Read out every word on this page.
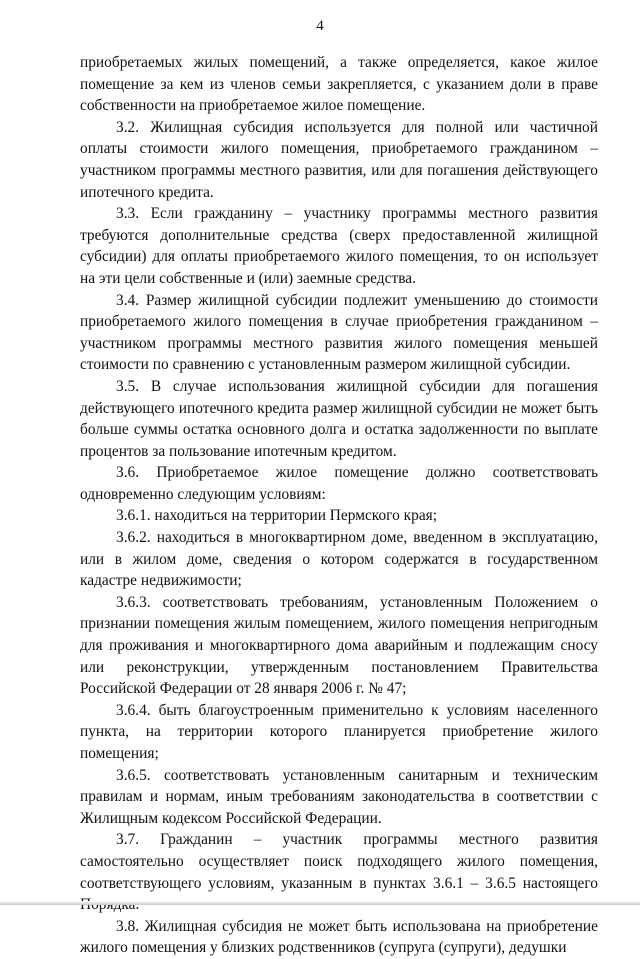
4

приобретаемых жилых помещений, а также определяется, какое жилое помещение за кем из членов семьи закрепляется, с указанием доли в праве собственности на приобретаемое жилое помещение.

3.2. Жилищная субсидия используется для полной или частичной оплаты стоимости жилого помещения, приобретаемого гражданином – участником программы местного развития, или для погашения действующего ипотечного кредита.

3.3. Если гражданину – участнику программы местного развития требуются дополнительные средства (сверх предоставленной жилищной субсидии) для оплаты приобретаемого жилого помещения, то он использует на эти цели собственные и (или) заемные средства.

3.4. Размер жилищной субсидии подлежит уменьшению до стоимости приобретаемого жилого помещения в случае приобретения гражданином – участником программы местного развития жилого помещения меньшей стоимости по сравнению с установленным размером жилищной субсидии.

3.5. В случае использования жилищной субсидии для погашения действующего ипотечного кредита размер жилищной субсидии не может быть больше суммы остатка основного долга и остатка задолженности по выплате процентов за пользование ипотечным кредитом.

3.6. Приобретаемое жилое помещение должно соответствовать одновременно следующим условиям:

3.6.1. находиться на территории Пермского края;

3.6.2. находиться в многоквартирном доме, введенном в эксплуатацию, или в жилом доме, сведения о котором содержатся в государственном кадастре недвижимости;

3.6.3. соответствовать требованиям, установленным Положением о признании помещения жилым помещением, жилого помещения непригодным для проживания и многоквартирного дома аварийным и подлежащим сносу или реконструкции, утвержденным постановлением Правительства Российской Федерации от 28 января 2006 г. № 47;

3.6.4. быть благоустроенным применительно к условиям населенного пункта, на территории которого планируется приобретение жилого помещения;

3.6.5. соответствовать установленным санитарным и техническим правилам и нормам, иным требованиям законодательства в соответствии с Жилищным кодексом Российской Федерации.

3.7. Гражданин – участник программы местного развития самостоятельно осуществляет поиск подходящего жилого помещения, соответствующего условиям, указанным в пунктах 3.6.1 – 3.6.5 настоящего

3.8. Жилищная субсидия не может быть использована на приобретение жилого помещения у близких родственников (супруга (супруги), дедушки
